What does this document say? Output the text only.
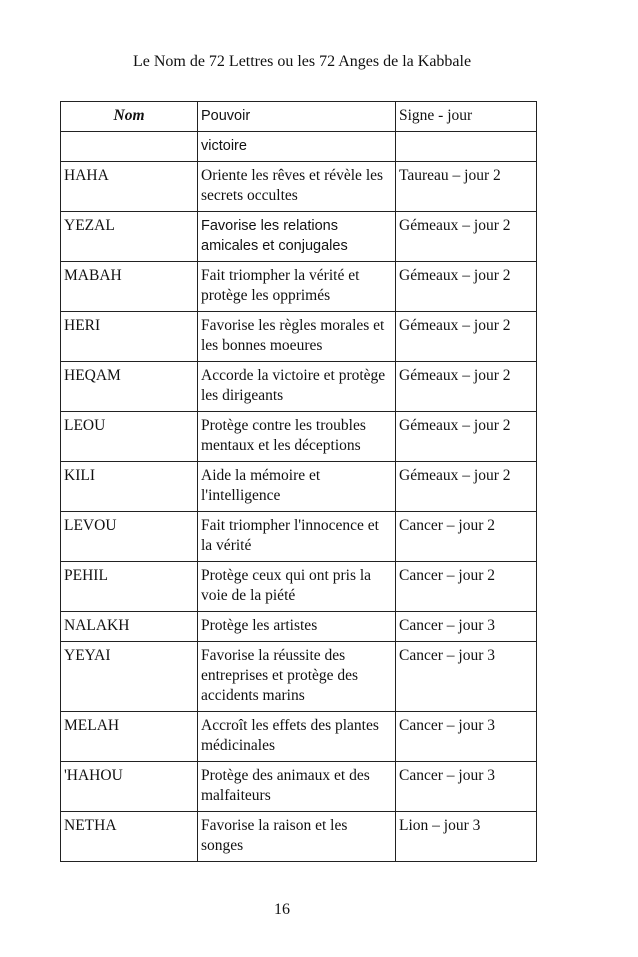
Le Nom de 72 Lettres ou les 72 Anges de la Kabbale
Nom	Pouvoir	Signe - jour
	victoire	
HAHA	Oriente les rêves et révèle les secrets occultes	Taureau – jour 2
YEZAL	Favorise les relations amicales et conjugales	Gémeaux – jour 2
MABAH	Fait triompher la vérité et protège les opprimés	Gémeaux – jour 2
HERI	Favorise les règles morales et les bonnes moeures	Gémeaux – jour 2
HEQAM	Accorde la victoire et protège les dirigeants	Gémeaux – jour 2
LEOU	Protège contre les troubles mentaux et les déceptions	Gémeaux – jour 2
KILI	Aide la mémoire et l'intelligence	Gémeaux – jour 2
LEVOU	Fait triompher l'innocence et la vérité	Cancer – jour 2
PEHIL	Protège ceux qui ont pris la voie de la piété	Cancer – jour 2
NALAKH	Protège les artistes	Cancer – jour 3
YEYAI	Favorise la réussite des entreprises et protège des accidents marins	Cancer – jour 3
MELAH	Accroît les effets des plantes médicinales	Cancer – jour 3
'HAHOU	Protège des animaux et des malfaiteurs	Cancer – jour 3
NETHA	Favorise la raison et les songes	Lion – jour 3
16
